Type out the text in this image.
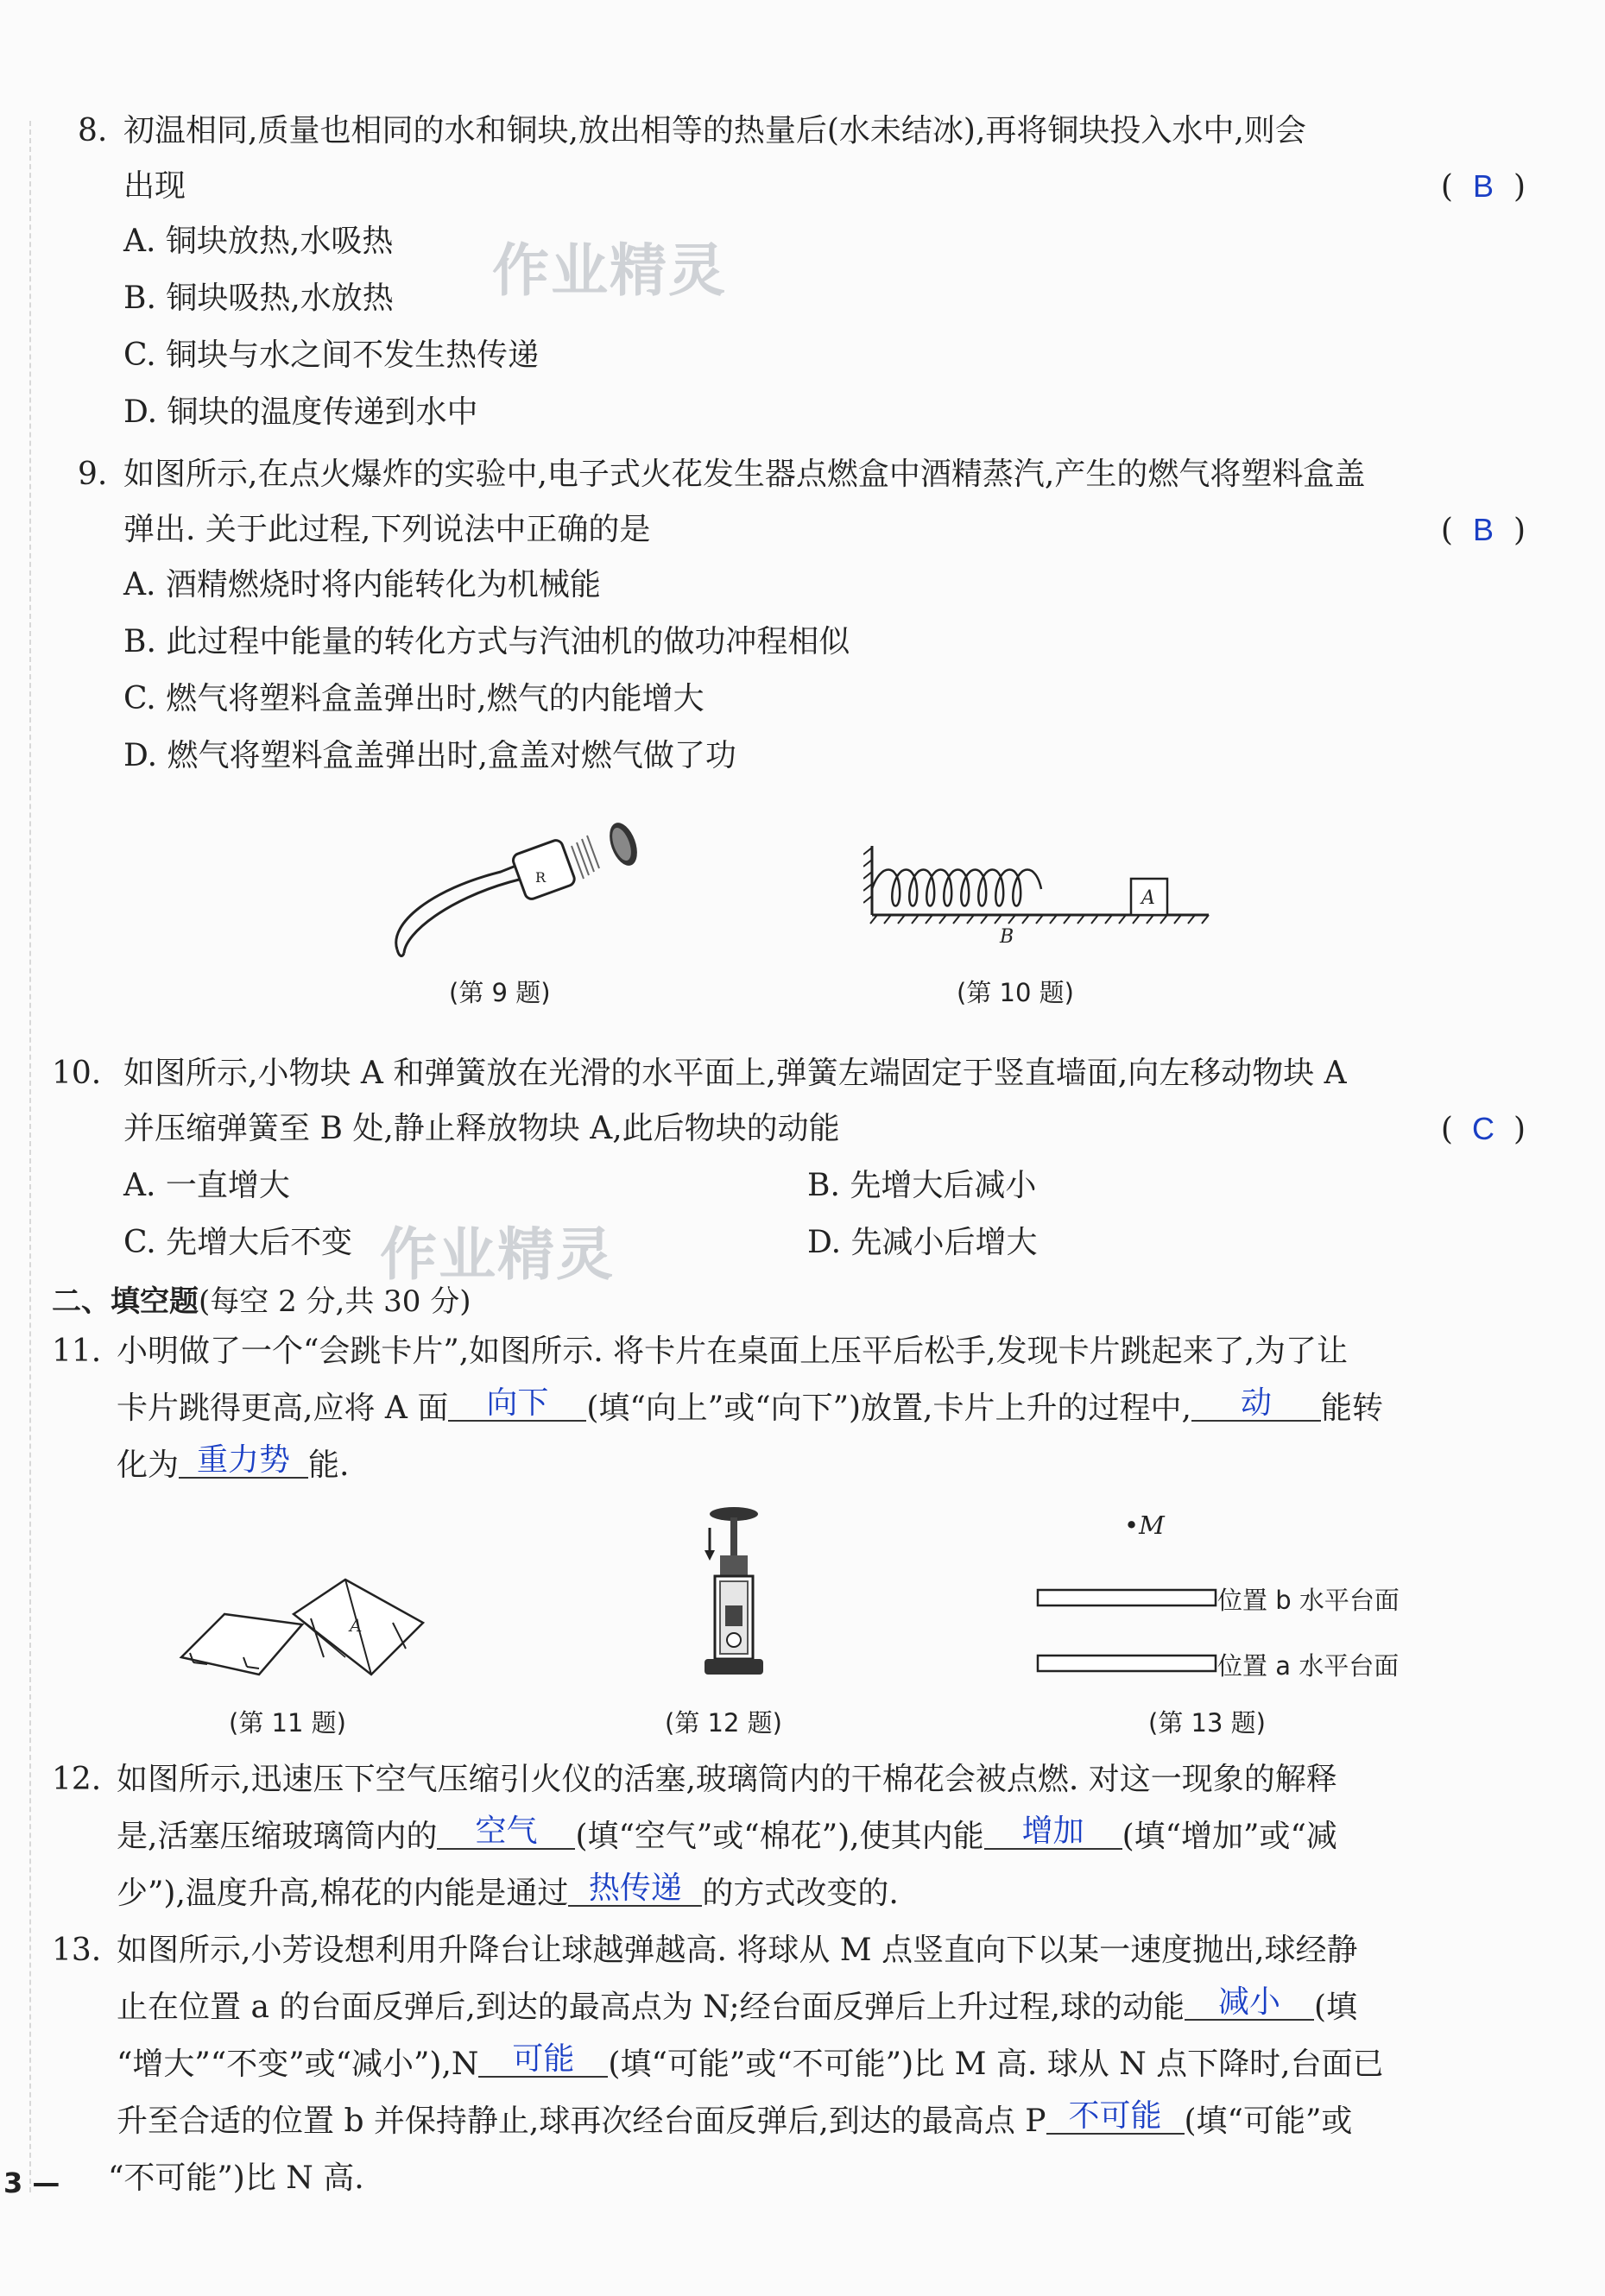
8. 初温相同,质量也相同的水和铜块,放出相等的热量后(水未结冰),再将铜块投入水中,则会
出现	( B )
A. 铜块放热,水吸热
B. 铜块吸热,水放热
C. 铜块与水之间不发生热传递
D. 铜块的温度传递到水中
作业精灵
9. 如图所示,在点火爆炸的实验中,电子式火花发生器点燃盒中酒精蒸汽,产生的燃气将塑料盒盖
弹出. 关于此过程,下列说法中正确的是	( B )
A. 酒精燃烧时将内能转化为机械能
B. 此过程中能量的转化方式与汽油机的做功冲程相似
C. 燃气将塑料盒盖弹出时,燃气的内能增大
D. 燃气将塑料盒盖弹出时,盒盖对燃气做了功
R
(第 9 题)
A
B
(第 10 题)
10. 如图所示,小物块 A 和弹簧放在光滑的水平面上,弹簧左端固定于竖直墙面,向左移动物块 A
并压缩弹簧至 B 处,静止释放物块 A,此后物块的动能	( C )
A. 一直增大	B. 先增大后减小
C. 先增大后不变	D. 先减小后增大
作业精灵
二、填空题(每空 2 分,共 30 分)
11. 小明做了一个“会跳卡片”,如图所示. 将卡片在桌面上压平后松手,发现卡片跳起来了,为了让
卡片跳得更高,应将 A 面 向下 (填“向上”或“向下”)放置,卡片上升的过程中, 动 能转
化为 重力势 能.
A
(第 11 题)	(第 12 题)
•M
位置 b 水平台面
位置 a 水平台面
(第 13 题)
12. 如图所示,迅速压下空气压缩引火仪的活塞,玻璃筒内的干棉花会被点燃. 对这一现象的解释
是,活塞压缩玻璃筒内的 空气 (填“空气”或“棉花”),使其内能 增加 (填“增加”或“减
少”),温度升高,棉花的内能是通过 热传递 的方式改变的.
13. 如图所示,小芳设想利用升降台让球越弹越高. 将球从 M 点竖直向下以某一速度抛出,球经静
止在位置 a 的台面反弹后,到达的最高点为 N;经台面反弹后上升过程,球的动能 减小 (填
“增大”“不变”或“减小”),N 可能 (填“可能”或“不可能”)比 M 高. 球从 N 点下降时,台面已
升至合适的位置 b 并保持静止,球再次经台面反弹后,到达的最高点 P 不可能 (填“可能”或
“不可能”)比 N 高.
3 —
